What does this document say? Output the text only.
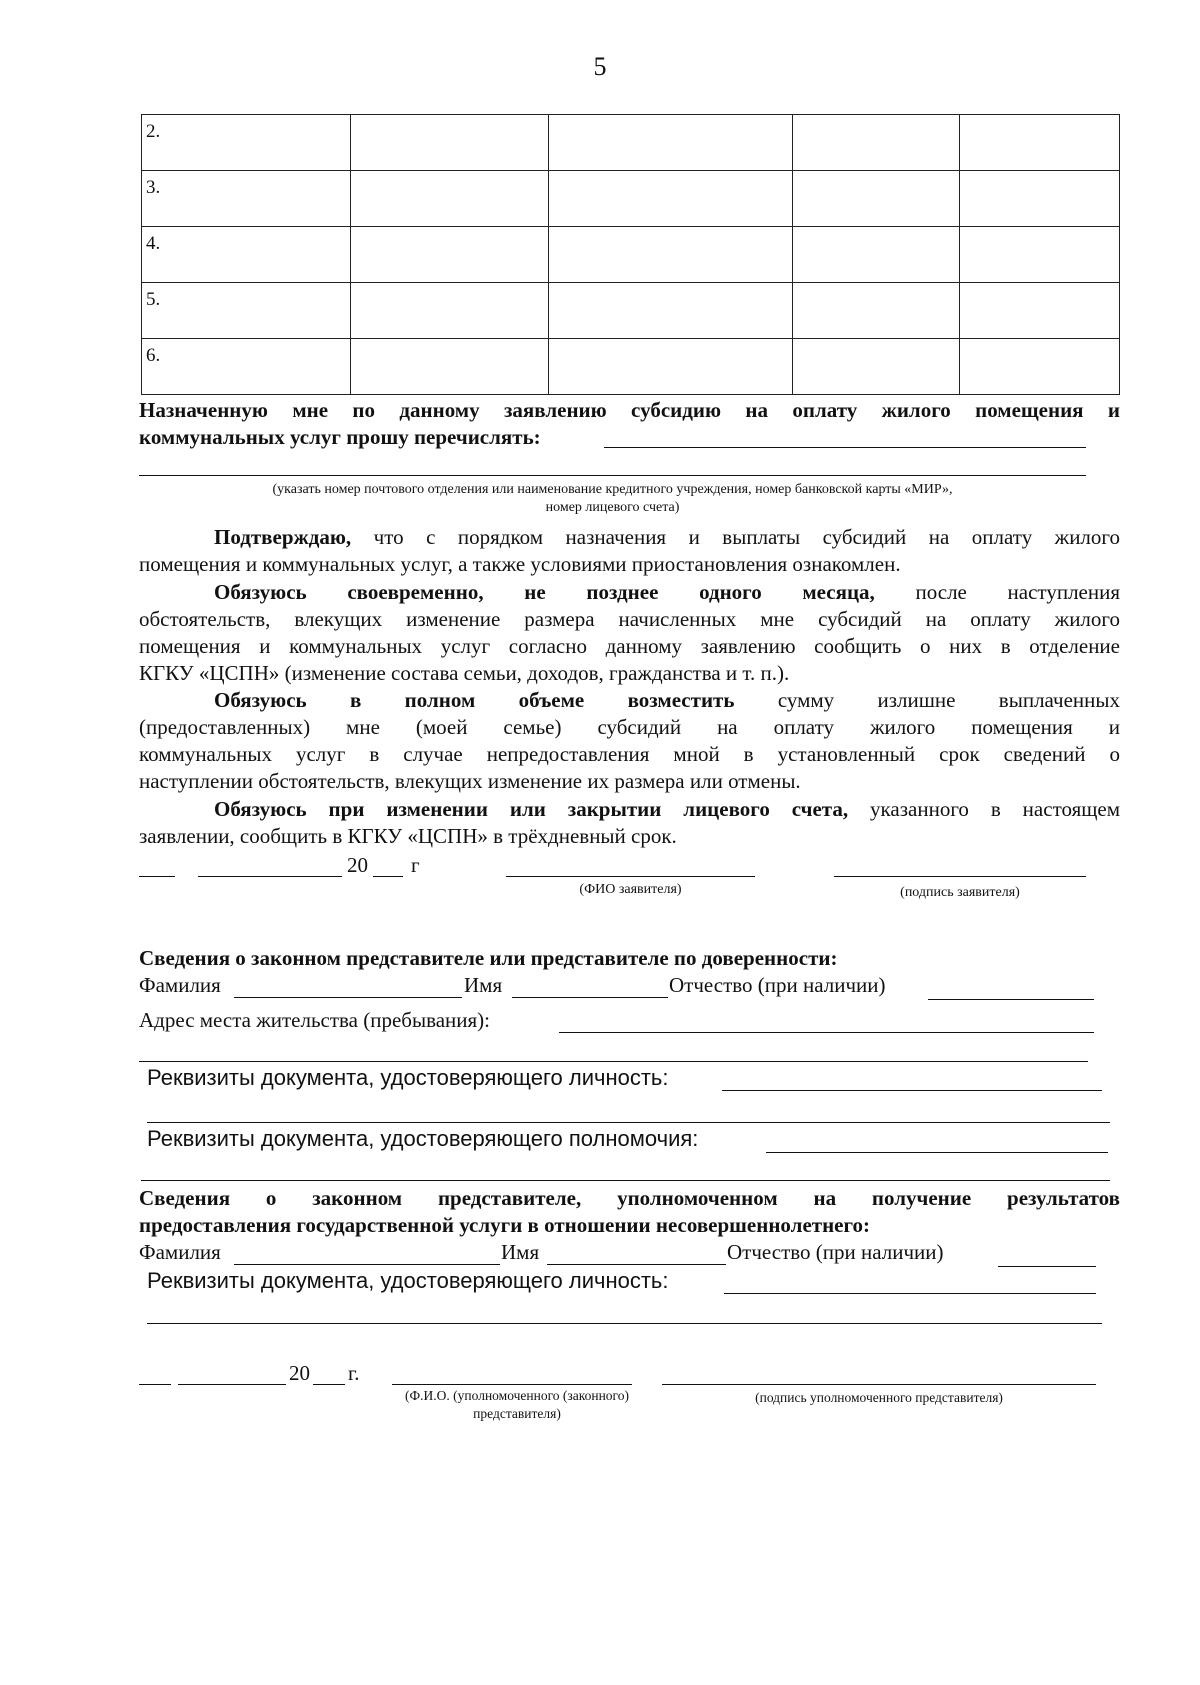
5
2.				
3.				
4.				
5.				
6.				
Назначенную мне по данному заявлению субсидию на оплату жилого помещения и
коммунальных услуг прошу перечислять:
(указать номер почтового отделения или наименование кредитного учреждения, номер банковской карты «МИР»,
номер лицевого счета)
Подтверждаю, что с порядком назначения и выплаты субсидий на оплату жилого
помещения и коммунальных услуг, а также условиями приостановления ознакомлен.
Обязуюсь своевременно, не позднее одного месяца, после наступления
обстоятельств, влекущих изменение размера начисленных мне субсидий на оплату жилого
помещения и коммунальных услуг согласно данному заявлению сообщить о них в отделение
КГКУ «ЦСПН» (изменение состава семьи, доходов, гражданства и т. п.).
Обязуюсь в полном объеме возместить сумму излишне выплаченных
(предоставленных) мне (моей семье) субсидий на оплату жилого помещения и
коммунальных услуг в случае непредоставления мной в установленный срок сведений о
наступлении обстоятельств, влекущих изменение их размера или отмены.
Обязуюсь при изменении или закрытии лицевого счета, указанного в настоящем
заявлении, сообщить в КГКУ «ЦСПН» в трёхдневный срок.
20 г
(ФИО заявителя)	(подпись заявителя)
Сведения о законном представителе или представителе по доверенности:
Фамилия	Имя	Отчество (при наличии)
Адрес места жительства (пребывания):
Реквизиты документа, удостоверяющего личность:
Реквизиты документа, удостоверяющего полномочия:
Сведения о законном представителе, уполномоченном на получение результатов
предоставления государственной услуги в отношении несовершеннолетнего:
Фамилия	Имя	Отчество (при наличии)
Реквизиты документа, удостоверяющего личность:
20 г.
(Ф.И.О. (уполномоченного (законного)
представителя)
(подпись уполномоченного представителя)
